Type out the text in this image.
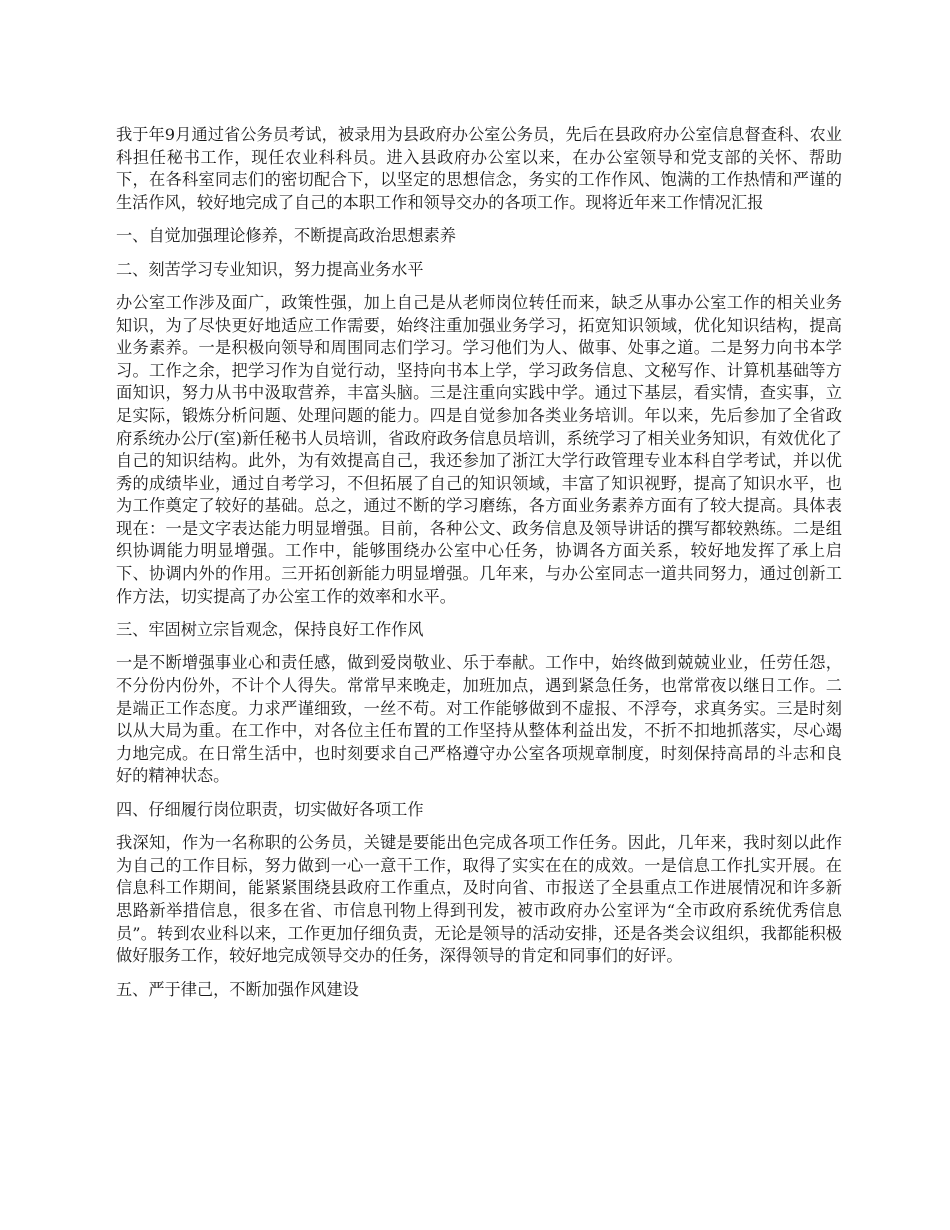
我于年9月通过省公务员考试，被录用为县政府办公室公务员，先后在县政府办公室信息督查科、农业科担任秘书工作，现任农业科科员。进入县政府办公室以来，在办公室领导和党支部的关怀、帮助下，在各科室同志们的密切配合下，以坚定的思想信念，务实的工作作风、饱满的工作热情和严谨的生活作风，较好地完成了自己的本职工作和领导交办的各项工作。现将近年来工作情况汇报

一、自觉加强理论修养，不断提高政治思想素养

二、刻苦学习专业知识，努力提高业务水平

办公室工作涉及面广，政策性强，加上自己是从老师岗位转任而来，缺乏从事办公室工作的相关业务知识，为了尽快更好地适应工作需要，始终注重加强业务学习，拓宽知识领域，优化知识结构，提高业务素养。一是积极向领导和周围同志们学习。学习他们为人、做事、处事之道。二是努力向书本学习。工作之余，把学习作为自觉行动，坚持向书本上学，学习政务信息、文秘写作、计算机基础等方面知识，努力从书中汲取营养，丰富头脑。三是注重向实践中学。通过下基层，看实情，查实事，立足实际，锻炼分析问题、处理问题的能力。四是自觉参加各类业务培训。年以来，先后参加了全省政府系统办公厅(室)新任秘书人员培训，省政府政务信息员培训，系统学习了相关业务知识，有效优化了自己的知识结构。此外，为有效提高自己，我还参加了浙江大学行政管理专业本科自学考试，并以优秀的成绩毕业，通过自考学习，不但拓展了自己的知识领域，丰富了知识视野，提高了知识水平，也为工作奠定了较好的基础。总之，通过不断的学习磨练，各方面业务素养方面有了较大提高。具体表现在：一是文字表达能力明显增强。目前，各种公文、政务信息及领导讲话的撰写都较熟练。二是组织协调能力明显增强。工作中，能够围绕办公室中心任务，协调各方面关系，较好地发挥了承上启下、协调内外的作用。三开拓创新能力明显增强。几年来，与办公室同志一道共同努力，通过创新工作方法，切实提高了办公室工作的效率和水平。

三、牢固树立宗旨观念，保持良好工作作风

一是不断增强事业心和责任感，做到爱岗敬业、乐于奉献。工作中，始终做到兢兢业业，任劳任怨，不分份内份外，不计个人得失。常常早来晚走，加班加点，遇到紧急任务，也常常夜以继日工作。二是端正工作态度。力求严谨细致，一丝不苟。对工作能够做到不虚报、不浮夸，求真务实。三是时刻以从大局为重。在工作中，对各位主任布置的工作坚持从整体利益出发，不折不扣地抓落实，尽心竭力地完成。在日常生活中，也时刻要求自己严格遵守办公室各项规章制度，时刻保持高昂的斗志和良好的精神状态。

四、仔细履行岗位职责，切实做好各项工作

我深知，作为一名称职的公务员，关键是要能出色完成各项工作任务。因此，几年来，我时刻以此作为自己的工作目标，努力做到一心一意干工作，取得了实实在在的成效。一是信息工作扎实开展。在信息科工作期间，能紧紧围绕县政府工作重点，及时向省、市报送了全县重点工作进展情况和许多新思路新举措信息，很多在省、市信息刊物上得到刊发，被市政府办公室评为“全市政府系统优秀信息员”。转到农业科以来，工作更加仔细负责，无论是领导的活动安排，还是各类会议组织，我都能积极做好服务工作，较好地完成领导交办的任务，深得领导的肯定和同事们的好评。

五、严于律己，不断加强作风建设
